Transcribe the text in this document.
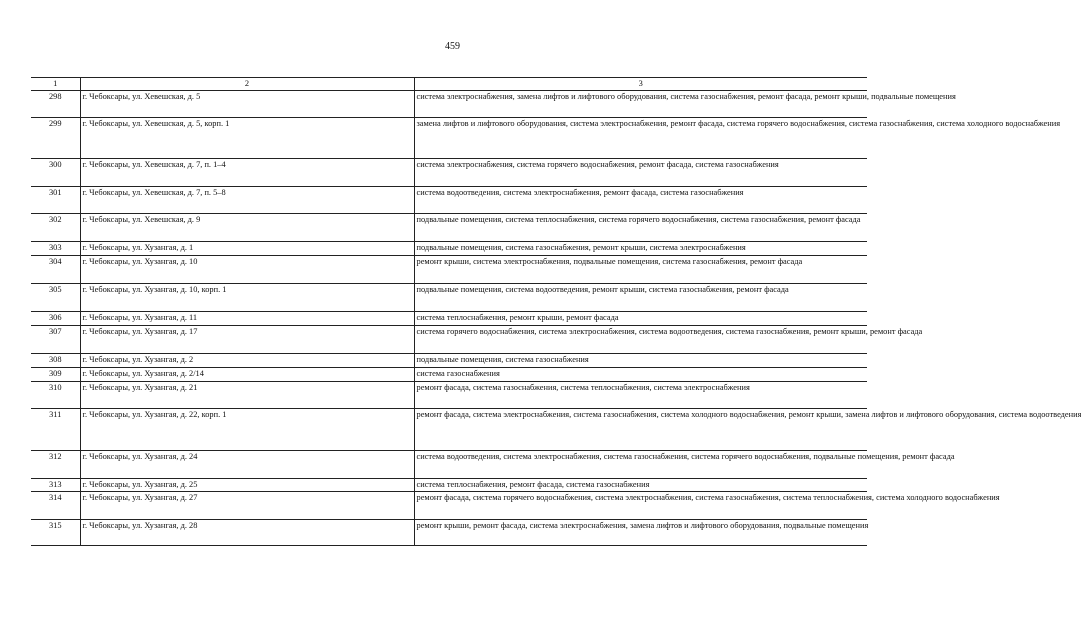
459
1	2	3
298	г. Чебоксары, ул. Хевешская, д. 5	система электроснабжения, замена лифтов и лифтового оборудования, система газоснабжения, ремонт фасада, ремонт крыши, подвальные помещения
299	г. Чебоксары, ул. Хевешская, д. 5, корп. 1	замена лифтов и лифтового оборудования, система электроснабжения, ремонт фасада, система горячего водоснабжения, система газоснабжения, система холодного водоснабжения
300	г. Чебоксары, ул. Хевешская, д. 7, п. 1–4	система электроснабжения, система горячего водоснабжения, ремонт фасада, система газоснабжения
301	г. Чебоксары, ул. Хевешская, д. 7, п. 5–8	система водоотведения, система электроснабжения, ремонт фасада, система газоснабжения
302	г. Чебоксары, ул. Хевешская, д. 9	подвальные помещения, система теплоснабжения, система горячего водоснабжения, система газоснабжения, ремонт фасада
303	г. Чебоксары, ул. Хузангая, д. 1	подвальные помещения, система газоснабжения, ремонт крыши, система электроснабжения
304	г. Чебоксары, ул. Хузангая, д. 10	ремонт крыши, система электроснабжения, подвальные помещения, система газоснабжения, ремонт фасада
305	г. Чебоксары, ул. Хузангая, д. 10, корп. 1	подвальные помещения, система водоотведения, ремонт крыши, система газоснабжения, ремонт фасада
306	г. Чебоксары, ул. Хузангая, д. 11	система теплоснабжения, ремонт крыши, ремонт фасада
307	г. Чебоксары, ул. Хузангая, д. 17	система горячего водоснабжения, система электроснабжения, система водоотведения, система газоснабжения, ремонт крыши, ремонт фасада
308	г. Чебоксары, ул. Хузангая, д. 2	подвальные помещения, система газоснабжения
309	г. Чебоксары, ул. Хузангая, д. 2/14	система газоснабжения
310	г. Чебоксары, ул. Хузангая, д. 21	ремонт фасада, система газоснабжения, система теплоснабжения, система электроснабжения
311	г. Чебоксары, ул. Хузангая, д. 22, корп. 1	ремонт фасада, система электроснабжения, система газоснабжения, система холодного водоснабжения, ремонт крыши, замена лифтов и лифтового оборудования, система водоотведения
312	г. Чебоксары, ул. Хузангая, д. 24	система водоотведения, система электроснабжения, система газоснабжения, система горячего водоснабжения, подвальные помещения, ремонт фасада
313	г. Чебоксары, ул. Хузангая, д. 25	система теплоснабжения, ремонт фасада, система газоснабжения
314	г. Чебоксары, ул. Хузангая, д. 27	ремонт фасада, система горячего водоснабжения, система электроснабжения, система газоснабжения, система теплоснабжения, система холодного водоснабжения
315	г. Чебоксары, ул. Хузангая, д. 28	ремонт крыши, ремонт фасада, система электроснабжения, замена лифтов и лифтового оборудования, подвальные помещения
